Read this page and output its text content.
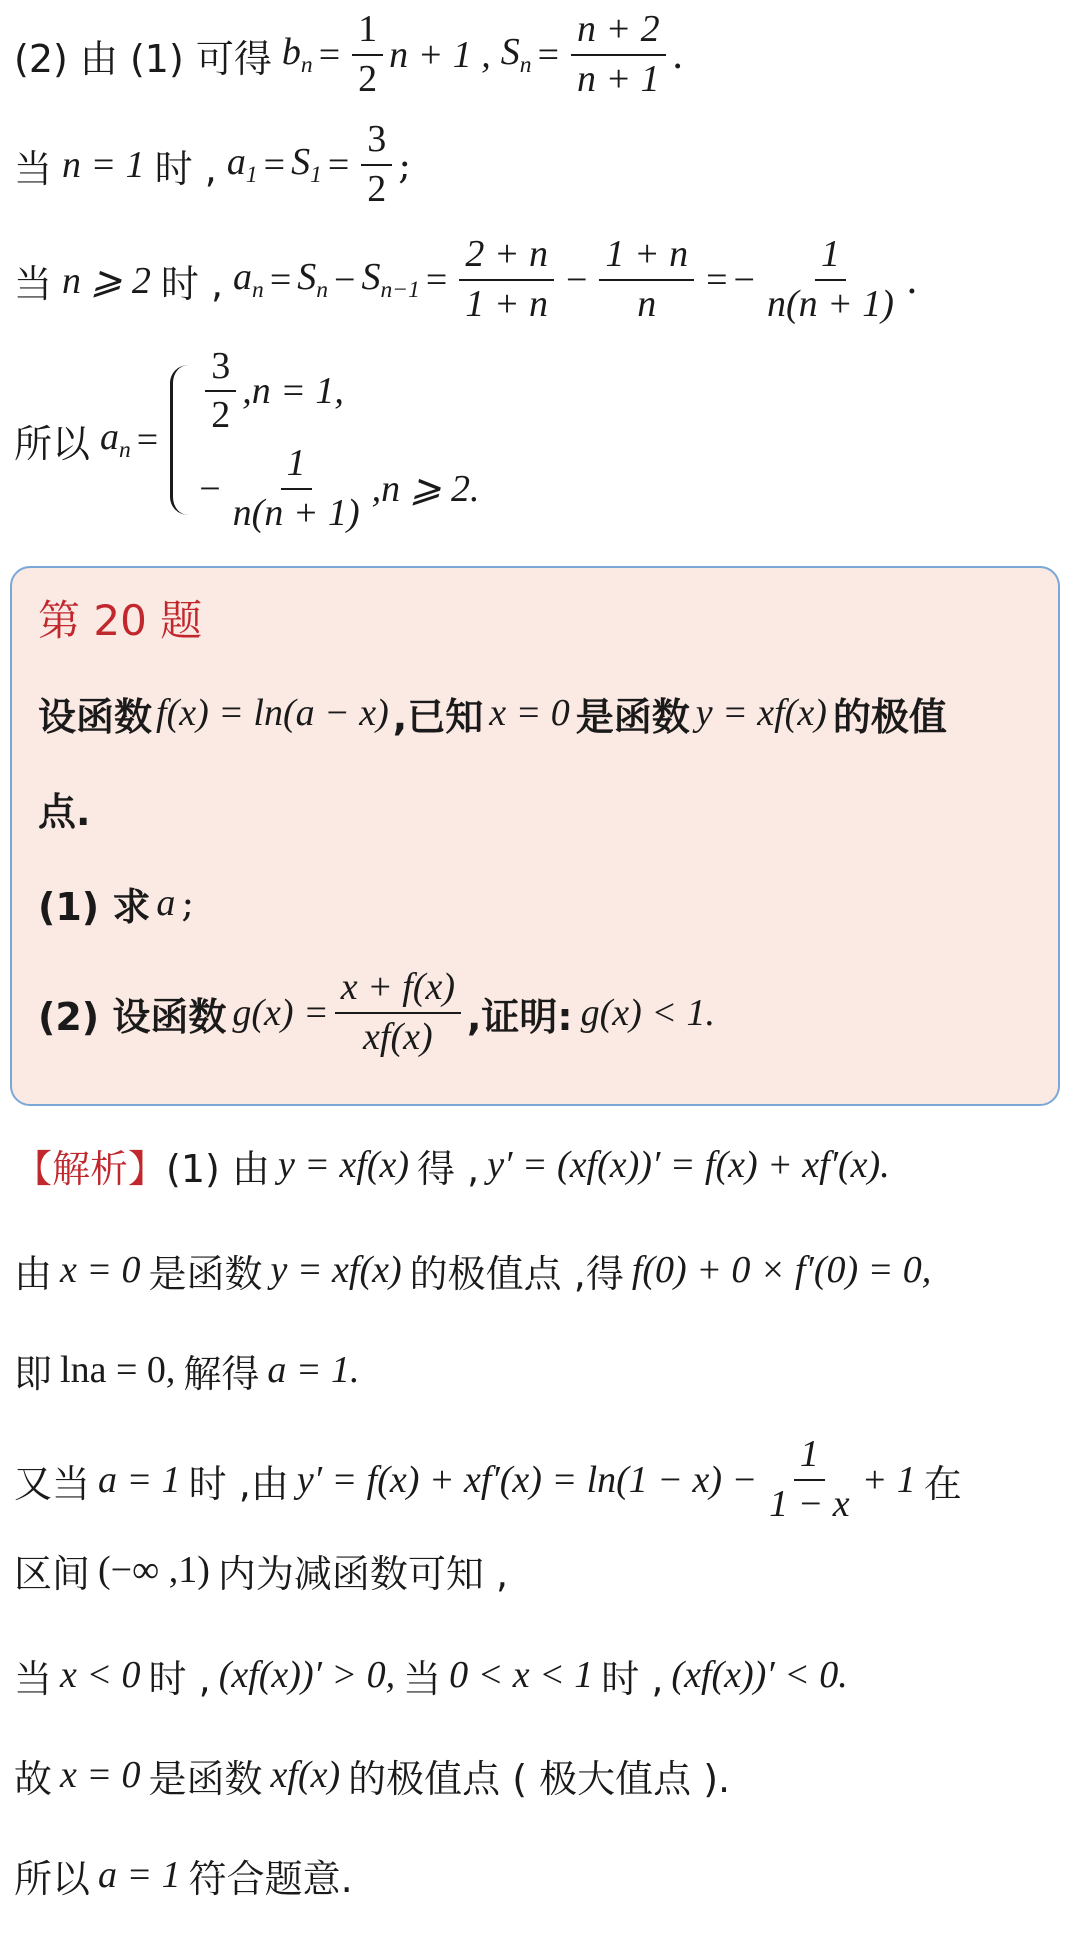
(2) 由 (1) 可得 $b_n = \frac{1}{2}$ n + 1 , $S_n = \frac{n + 2}{n + 1}$ .
当 n = 1 时 , $a_1 = S_1 = \frac{3}{2}$ ;
当 n ⩾ 2 时 , $a_n = S_n - S_{n-1} = \frac{2 + n}{1 + n} - \frac{1 + n}{n}$ = − $\frac{1}{n(n + 1)}$ .
所以 $a_n$ =
$\frac{3}{2} ,n = 1$,
− $\frac{1}{n(n + 1)} ,n$ ⩾ 2.
第 20 题
设函数 f(x) = ln(a − x) ,已知 x = 0 是函数 y = xf(x) 的极值
点.
(1) 求 a ;
(2) 设函数 $g(x) = \frac{x + f(x)}{xf(x)}$ ,证明: g(x) < 1.
【解析】 (1) 由 y = xf(x) 得 , y′ = (xf(x))′ = f(x) + xf′(x).
由 x = 0 是函数 y = xf(x) 的极值点 ,得 f(0) + 0 × f′(0) = 0,
即 lna = 0, 解得 a = 1.
又当 a = 1 时 ,由 $y' = f(x) + xf'(x) = \ln(1 - x) - \frac{1}{1 - x} + 1$ 在
区间 (−∞ ,1) 内为减函数可知 ,
当 x < 0 时 , (xf(x))′ > 0, 当 0 < x < 1 时 , (xf(x))′ < 0.
故 x = 0 是函数 xf(x) 的极值点 ( 极大值点 ).
所以 a = 1 符合题意.
